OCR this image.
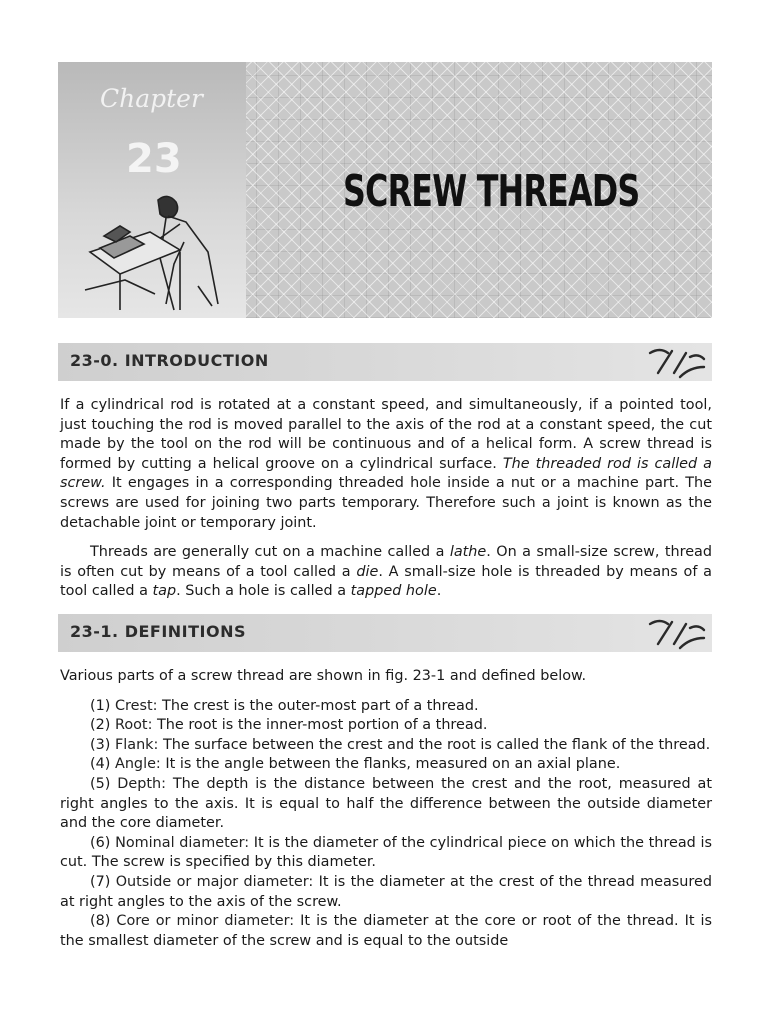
Chapter
23
SCREW THREADS
23-0. INTRODUCTION

If a cylindrical rod is rotated at a constant speed, and simultaneously, if a pointed tool, just touching the rod is moved parallel to the axis of the rod at a constant speed, the cut made by the tool on the rod will be continuous and of a helical form. A screw thread is formed by cutting a helical groove on a cylindrical surface. The threaded rod is called a screw. It engages in a corresponding threaded hole inside a nut or a machine part. The screws are used for joining two parts temporary. Therefore such a joint is known as the detachable joint or temporary joint.

Threads are generally cut on a machine called a lathe. On a small-size screw, thread is often cut by means of a tool called a die. A small-size hole is threaded by means of a tool called a tap. Such a hole is called a tapped hole.

23-1. DEFINITIONS

Various parts of a screw thread are shown in fig. 23-1 and defined below.

(1) Crest: The crest is the outer-most part of a thread.

(2) Root: The root is the inner-most portion of a thread.

(3) Flank: The surface between the crest and the root is called the flank of the thread.

(4) Angle: It is the angle between the flanks, measured on an axial plane.

(5) Depth: The depth is the distance between the crest and the root, measured at right angles to the axis. It is equal to half the difference between the outside diameter and the core diameter.

(6) Nominal diameter: It is the diameter of the cylindrical piece on which the thread is cut. The screw is specified by this diameter.

(7) Outside or major diameter: It is the diameter at the crest of the thread measured at right angles to the axis of the screw.

(8) Core or minor diameter: It is the diameter at the core or root of the thread. It is the smallest diameter of the screw and is equal to the outside
